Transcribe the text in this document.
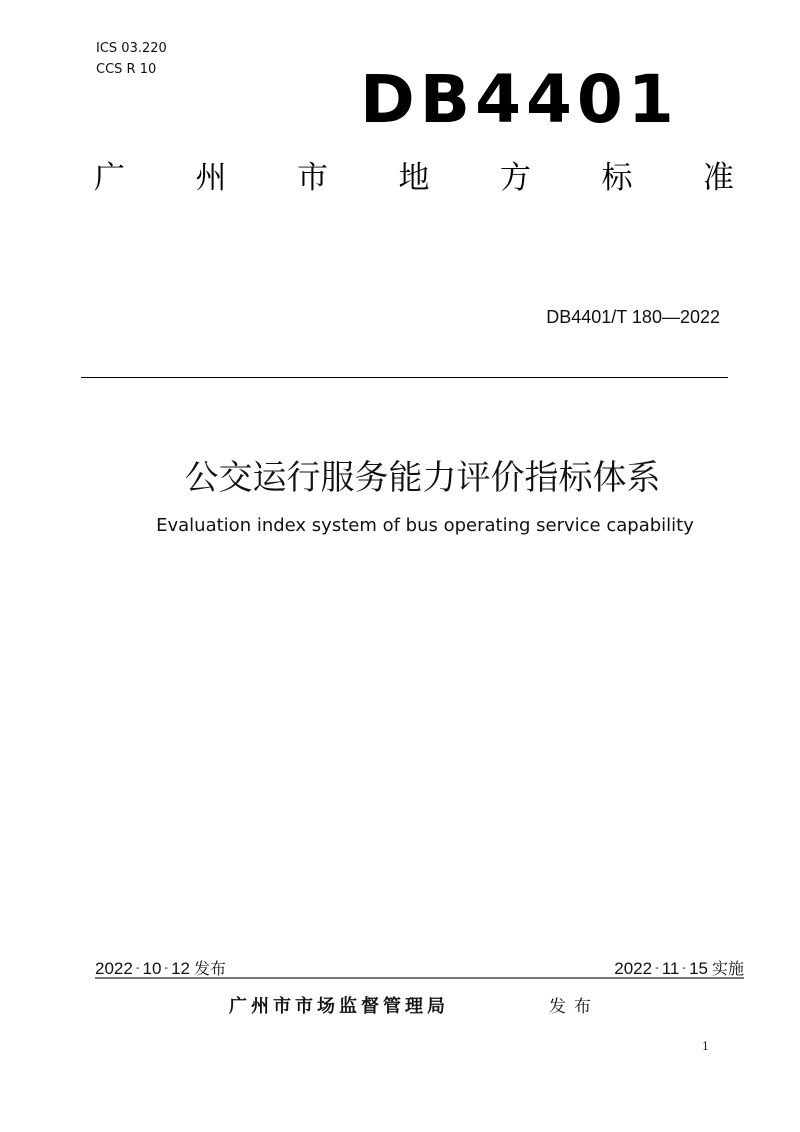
ICS 03.220
CCS R 10	DB4401
广 州 市 地 方 标 准
DB4401/T 180—2022
公交运行服务能力评价指标体系
Evaluation index system of bus operating service capability
2022 - 10 - 12 发布	2022 - 11 - 15 实施
广州市市场监督管理局	发布
1
